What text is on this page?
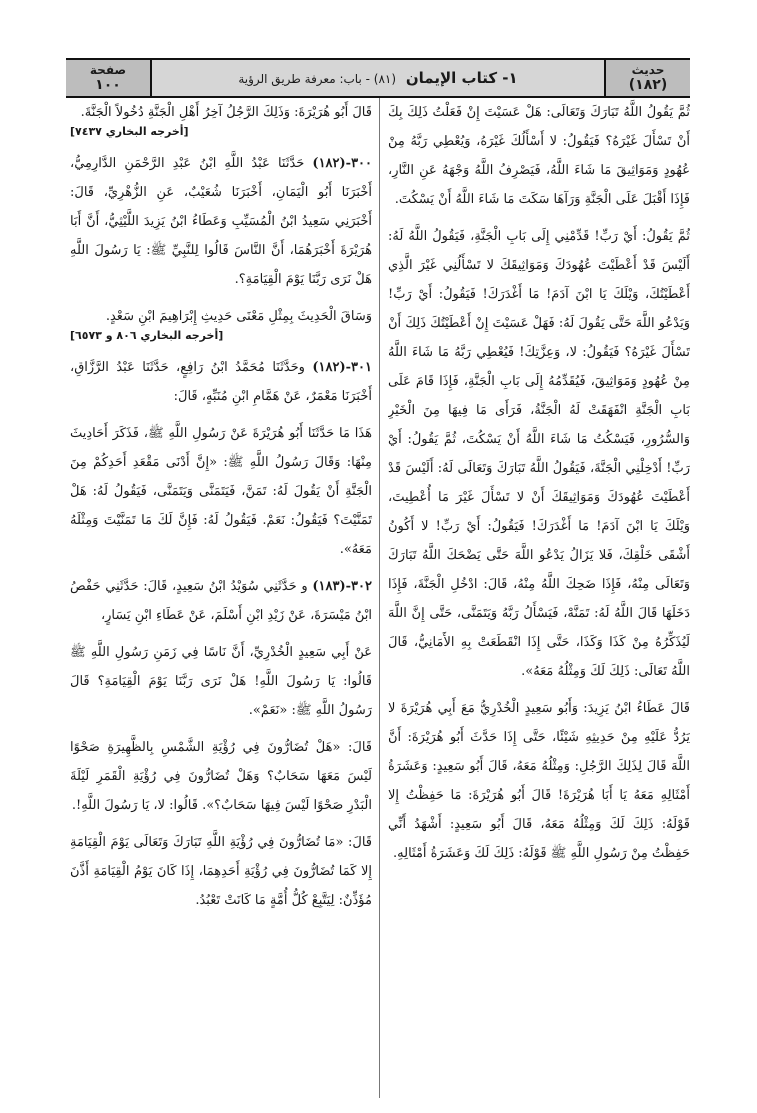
حديث
(١٨٢)
١- كتاب الإيمان (٨١) - باب: معرفة طريق الرؤية
صفحة
١٠٠

ثُمَّ يَقُولُ اللَّهُ تَبَارَكَ وَتَعَالَى: هَلْ عَسَيْتَ إِنْ فَعَلْتُ ذَلِكَ بِكَ أَنْ تَسْأَلَ غَيْرَهُ؟ فَيَقُولُ: لا أَسْأَلُكَ غَيْرَهُ، وَيُعْطِي رَبَّهُ مِنْ عُهُودٍ وَمَوَاثِيقَ مَا شَاءَ اللَّهُ، فَيَصْرِفُ اللَّهُ وَجْهَهُ عَنِ النَّارِ، فَإِذَا أَقْبَلَ عَلَى الْجَنَّةِ وَرَآهَا سَكَتَ مَا شَاءَ اللَّهُ أَنْ يَسْكُتَ.

ثُمَّ يَقُولُ: أَيْ رَبِّ! قَدِّمْنِي إِلَى بَابِ الْجَنَّةِ، فَيَقُولُ اللَّهُ لَهُ: أَلَيْسَ قَدْ أَعْطَيْتَ عُهُودَكَ وَمَوَاثِيقَكَ لا تَسْأَلُنِي غَيْرَ الَّذِي أَعْطَيْتُكَ، وَيْلَكَ يَا ابْنَ آدَمَ! مَا أَغْدَرَكَ! فَيَقُولُ: أَيْ رَبِّ! وَيَدْعُو اللَّهَ حَتَّى يَقُولَ لَهُ: فَهَلْ عَسَيْتَ إِنْ أَعْطَيْتُكَ ذَلِكَ أَنْ تَسْأَلَ غَيْرَهُ؟ فَيَقُولُ: لا، وَعِزَّتِكَ! فَيُعْطِي رَبَّهُ مَا شَاءَ اللَّهُ مِنْ عُهُودٍ وَمَوَاثِيقَ، فَيُقَدِّمُهُ إِلَى بَابِ الْجَنَّةِ، فَإِذَا قَامَ عَلَى بَابِ الْجَنَّةِ انْفَهَقَتْ لَهُ الْجَنَّةُ، فَرَأَى مَا فِيهَا مِنَ الْخَيْرِ وَالسُّرُورِ، فَيَسْكُتُ مَا شَاءَ اللَّهُ أَنْ يَسْكُتَ، ثُمَّ يَقُولُ: أَيْ رَبِّ! أَدْخِلْنِي الْجَنَّةَ، فَيَقُولُ اللَّهُ تَبَارَكَ وَتَعَالَى لَهُ: أَلَيْسَ قَدْ أَعْطَيْتَ عُهُودَكَ وَمَوَاثِيقَكَ أَنْ لا تَسْأَلَ غَيْرَ مَا أُعْطِيتَ، وَيْلَكَ يَا ابْنَ آدَمَ! مَا أَغْدَرَكَ! فَيَقُولُ: أَيْ رَبِّ! لا أَكُونُ أَشْقَى خَلْقِكَ، فَلا يَزَالُ يَدْعُو اللَّهَ حَتَّى يَضْحَكَ اللَّهُ تَبَارَكَ وَتَعَالَى مِنْهُ، فَإِذَا ضَحِكَ اللَّهُ مِنْهُ، قَالَ: ادْخُلِ الْجَنَّةَ، فَإِذَا دَخَلَهَا قَالَ اللَّهُ لَهُ: تَمَنَّهْ، فَيَسْأَلُ رَبَّهُ وَيَتَمَنَّى، حَتَّى إِنَّ اللَّهَ لَيُذَكِّرُهُ مِنْ كَذَا وَكَذَا، حَتَّى إِذَا انْقَطَعَتْ بِهِ الأَمَانِيُّ، قَالَ اللَّهُ تَعَالَى: ذَلِكَ لَكَ وَمِثْلُهُ مَعَهُ».

قَالَ عَطَاءُ ابْنُ يَزِيدَ: وَأَبُو سَعِيدٍ الْخُدْرِيُّ مَعَ أَبِي هُرَيْرَةَ لا يَرُدُّ عَلَيْهِ مِنْ حَدِيثِهِ شَيْئًا، حَتَّى إِذَا حَدَّثَ أَبُو هُرَيْرَةَ: أَنَّ اللَّهَ قَالَ لِذَلِكَ الرَّجُلِ: وَمِثْلُهُ مَعَهُ، قَالَ أَبُو سَعِيدٍ: وَعَشَرَةُ أَمْثَالِهِ مَعَهُ يَا أَبَا هُرَيْرَةَ! قَالَ أَبُو هُرَيْرَةَ: مَا حَفِظْتُ إِلا قَوْلَهُ: ذَلِكَ لَكَ وَمِثْلُهُ مَعَهُ، قَالَ أَبُو سَعِيدٍ: أَشْهَدُ أَنِّي حَفِظْتُ مِنْ رَسُولِ اللَّهِ ﷺ قَوْلَهُ: ذَلِكَ لَكَ وَعَشَرَةُ أَمْثَالِهِ.

قَالَ أَبُو هُرَيْرَةَ: وَذَلِكَ الرَّجُلُ آخِرُ أَهْلِ الْجَنَّةِ دُخُولاً الْجَنَّةَ.
[أخرجه البخاري ٧٤٣٧]

٣٠٠-(١٨٢) حَدَّثَنَا عَبْدُ اللَّهِ ابْنُ عَبْدِ الرَّحْمَنِ الدَّارِمِيُّ، أَخْبَرَنَا أَبُو الْيَمَانِ، أَخْبَرَنَا شُعَيْبٌ، عَنِ الزُّهْرِيِّ، قَالَ: أَخْبَرَنِي سَعِيدُ ابْنُ الْمُسَيِّبِ وَعَطَاءُ ابْنُ يَزِيدَ اللَّيْثِيُّ، أَنَّ أَبَا هُرَيْرَةَ أَخْبَرَهُمَا، أَنَّ النَّاسَ قَالُوا لِلنَّبِيِّ ﷺ: يَا رَسُولَ اللَّهِ هَلْ نَرَى رَبَّنَا يَوْمَ الْقِيَامَةِ؟.

وَسَاقَ الْحَدِيثَ بِمِثْلِ مَعْنَى حَدِيثِ إِبْرَاهِيمَ ابْنِ سَعْدٍ.
[أخرجه البخاري ٨٠٦ و ٦٥٧٣]

٣٠١-(١٨٢) وحَدَّثَنَا مُحَمَّدُ ابْنُ رَافِعٍ، حَدَّثَنَا عَبْدُ الرَّزَّاقِ، أَخْبَرَنَا مَعْمَرٌ، عَنْ هَمَّامِ ابْنِ مُنَبِّهٍ، قَالَ:

هَذَا مَا حَدَّثَنَا أَبُو هُرَيْرَةَ عَنْ رَسُولِ اللَّهِ ﷺ، فَذَكَرَ أَحَادِيثَ مِنْهَا: وَقَالَ رَسُولُ اللَّهِ ﷺ: «إِنَّ أَدْنَى مَقْعَدِ أَحَدِكُمْ مِنَ الْجَنَّةِ أَنْ يَقُولَ لَهُ: تَمَنَّ، فَيَتَمَنَّى وَيَتَمَنَّى، فَيَقُولُ لَهُ: هَلْ تَمَنَّيْتَ؟ فَيَقُولُ: نَعَمْ. فَيَقُولُ لَهُ: فَإِنَّ لَكَ مَا تَمَنَّيْتَ وَمِثْلَهُ مَعَهُ».

٣٠٢-(١٨٣) و حَدَّثَنِي سُوَيْدُ ابْنُ سَعِيدٍ، قَالَ: حَدَّثَنِي حَفْصُ ابْنُ مَيْسَرَةَ، عَنْ زَيْدِ ابْنِ أَسْلَمَ، عَنْ عَطَاءِ ابْنِ يَسَارٍ،

عَنْ أَبِي سَعِيدٍ الْخُدْرِيِّ، أَنَّ نَاسًا فِي زَمَنِ رَسُولِ اللَّهِ ﷺ قَالُوا: يَا رَسُولَ اللَّهِ! هَلْ نَرَى رَبَّنَا يَوْمَ الْقِيَامَةِ؟ قَالَ رَسُولُ اللَّهِ ﷺ: «نَعَمْ».

قَالَ: «هَلْ تُضَارُّونَ فِي رُؤْيَةِ الشَّمْسِ بِالظَّهِيرَةِ صَحْوًا لَيْسَ مَعَهَا سَحَابٌ؟ وَهَلْ تُضَارُّونَ فِي رُؤْيَةِ الْقَمَرِ لَيْلَةَ الْبَدْرِ صَحْوًا لَيْسَ فِيهَا سَحَابٌ؟». قَالُوا: لا، يَا رَسُولَ اللَّهِ!.

قَالَ: «مَا تُضَارُّونَ فِي رُؤْيَةِ اللَّهِ تَبَارَكَ وَتَعَالَى يَوْمَ الْقِيَامَةِ إِلا كَمَا تُضَارُّونَ فِي رُؤْيَةِ أَحَدِهِمَا، إِذَا كَانَ يَوْمُ الْقِيَامَةِ أَذَّنَ مُؤَذِّنٌ: لِيَتَّبِعْ كُلُّ أُمَّةٍ مَا كَانَتْ تَعْبُدُ.
